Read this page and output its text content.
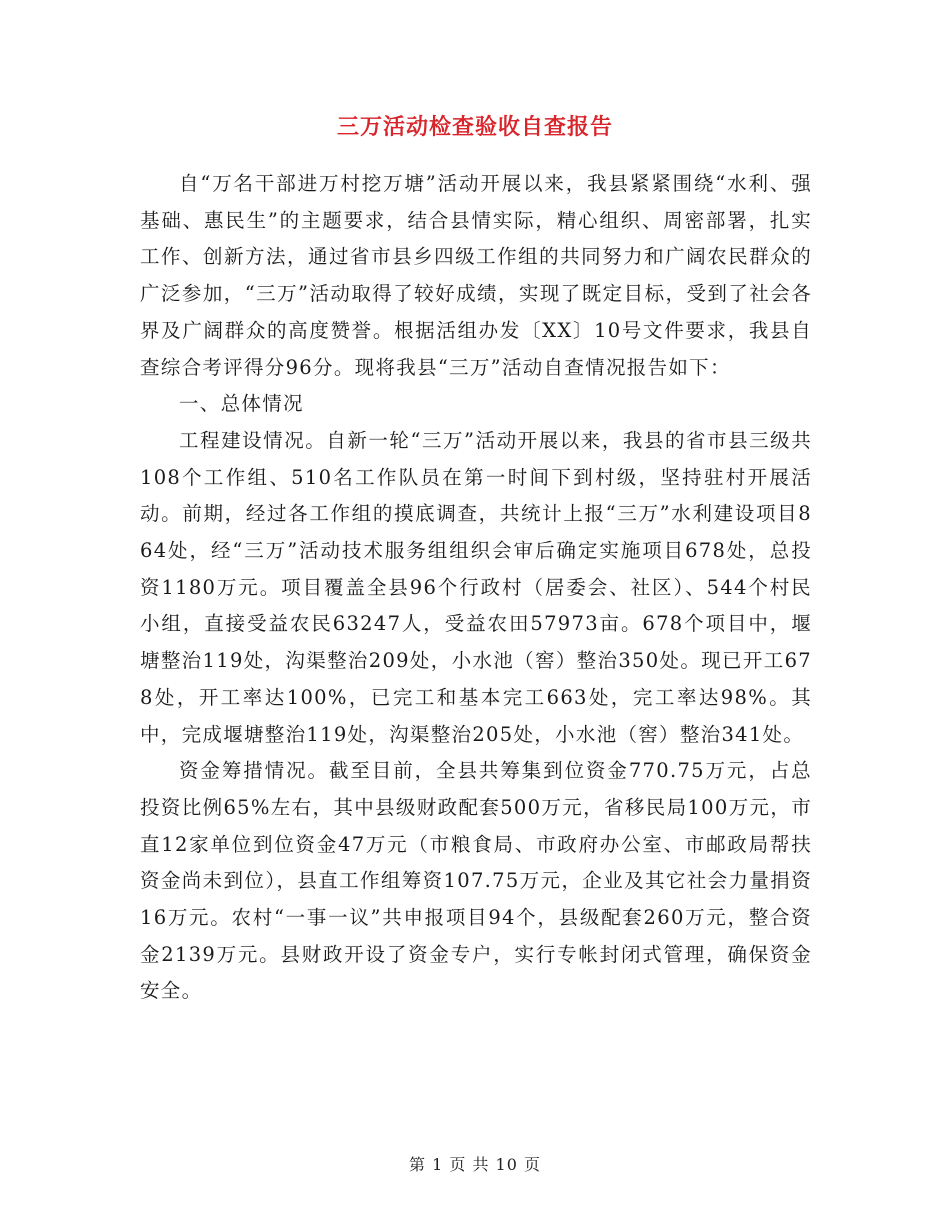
三万活动检查验收自查报告

自“万名干部进万村挖万塘”活动开展以来，我县紧紧围绕“水利、强基础、惠民生”的主题要求，结合县情实际，精心组织、周密部署，扎实工作、创新方法，通过省市县乡四级工作组的共同努力和广阔农民群众的广泛参加，“三万”活动取得了较好成绩，实现了既定目标，受到了社会各界及广阔群众的高度赞誉。根据活组办发〔XX〕10号文件要求，我县自查综合考评得分96分。现将我县“三万”活动自查情况报告如下：

一、总体情况

工程建设情况。自新一轮“三万”活动开展以来，我县的省市县三级共108个工作组、510名工作队员在第一时间下到村级，坚持驻村开展活动。前期，经过各工作组的摸底调查，共统计上报“三万”水利建设项目864处，经“三万”活动技术服务组组织会审后确定实施项目678处，总投资1180万元。项目覆盖全县96个行政村（居委会、社区）、544个村民小组，直接受益农民63247人，受益农田57973亩。678个项目中，堰塘整治119处，沟渠整治209处，小水池（窖）整治350处。现已开工678处，开工率达100%，已完工和基本完工663处，完工率达98%。其中，完成堰塘整治119处，沟渠整治205处，小水池（窖）整治341处。

资金筹措情况。截至目前，全县共筹集到位资金770.75万元，占总投资比例65%左右，其中县级财政配套500万元，省移民局100万元，市直12家单位到位资金47万元（市粮食局、市政府办公室、市邮政局帮扶资金尚未到位），县直工作组筹资107.75万元，企业及其它社会力量捐资16万元。农村“一事一议”共申报项目94个，县级配套260万元，整合资金2139万元。县财政开设了资金专户，实行专帐封闭式管理，确保资金安全。

第 1 页 共 10 页
